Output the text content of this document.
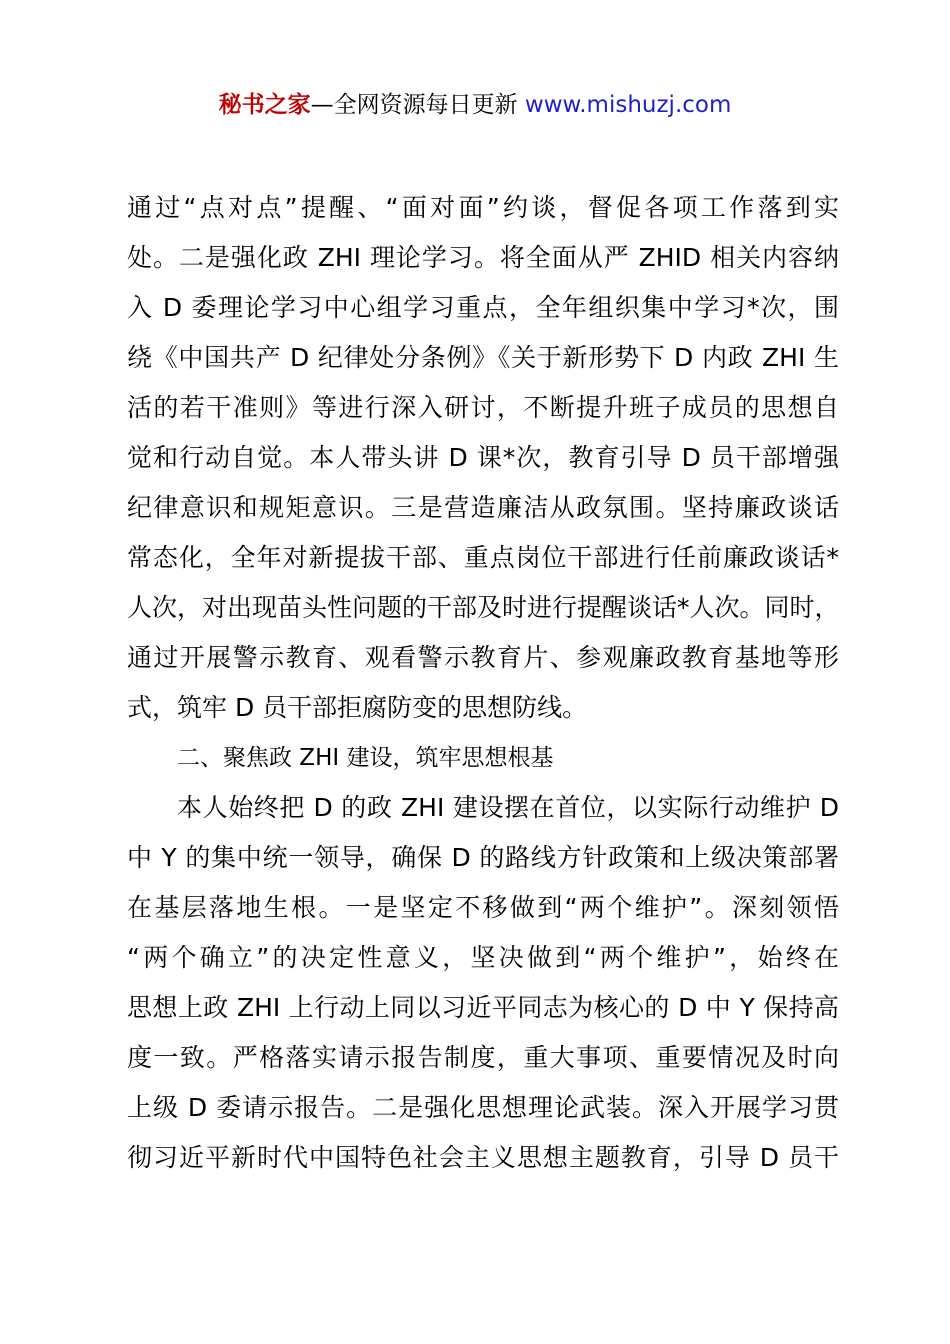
秘书之家—全网资源每日更新 www.mishuzj.com
通过“点对点”提醒、“面对面”约谈，督促各项工作落到实
处。二是强化政 ZHI 理论学习。将全面从严 ZHID 相关内容纳
入 D 委理论学习中心组学习重点，全年组织集中学习*次，围
绕《中国共产 D 纪律处分条例》《关于新形势下 D 内政 ZHI 生
活的若干准则》等进行深入研讨，不断提升班子成员的思想自
觉和行动自觉。本人带头讲 D 课*次，教育引导 D 员干部增强
纪律意识和规矩意识。三是营造廉洁从政氛围。坚持廉政谈话
常态化，全年对新提拔干部、重点岗位干部进行任前廉政谈话*
人次，对出现苗头性问题的干部及时进行提醒谈话*人次。同时，
通过开展警示教育、观看警示教育片、参观廉政教育基地等形
式，筑牢 D 员干部拒腐防变的思想防线。
二、聚焦政 ZHI 建设，筑牢思想根基
本人始终把 D 的政 ZHI 建设摆在首位，以实际行动维护 D
中 Y 的集中统一领导，确保 D 的路线方针政策和上级决策部署
在基层落地生根。一是坚定不移做到“两个维护”。深刻领悟
“两个确立”的决定性意义，坚决做到“两个维护”，始终在
思想上政 ZHI 上行动上同以习近平同志为核心的 D 中 Y 保持高
度一致。严格落实请示报告制度，重大事项、重要情况及时向
上级 D 委请示报告。二是强化思想理论武装。深入开展学习贯
彻习近平新时代中国特色社会主义思想主题教育，引导 D 员干
